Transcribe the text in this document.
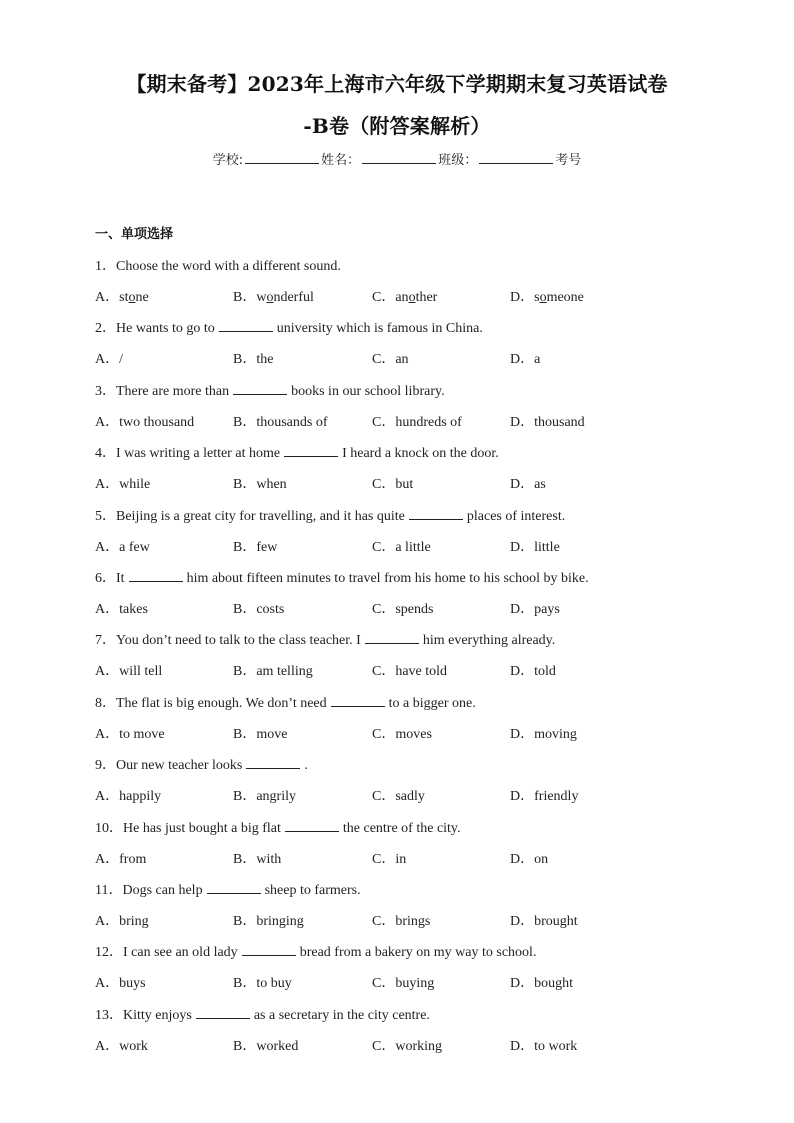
【期末备考】2023年上海市六年级下学期期末复习英语试卷
-B卷（附答案解析）
学校:	姓名：	班级：	考号
一、单项选择
1．Choose the word with a different sound.
A．stone	B．wonderful	C．another	D．someone
2．He wants to go to	university which is famous in China.
A．/	B．the	C．an	D．a
3．There are more than	books in our school library.
A．two thousand	B．thousands of	C．hundreds of	D．thousand
4．I was writing a letter at home	I heard a knock on the door.
A．while	B．when	C．but	D．as
5．Beijing is a great city for travelling, and it has quite	places of interest.
A．a few	B．few	C．a little	D．little
6．It	him about fifteen minutes to travel from his home to his school by bike.
A．takes	B．costs	C．spends	D．pays
7．You don’t need to talk to the class teacher. I	him everything already.
A．will tell	B．am telling	C．have told	D．told
8．The flat is big enough. We don’t need	to a bigger one.
A．to move	B．move	C．moves	D．moving
9．Our new teacher looks	.
A．happily	B．angrily	C．sadly	D．friendly
10．He has just bought a big flat	the centre of the city.
A．from	B．with	C．in	D．on
11．Dogs can help	sheep to farmers.
A．bring	B．bringing	C．brings	D．brought
12．I can see an old lady	bread from a bakery on my way to school.
A．buys	B．to buy	C．buying	D．bought
13．Kitty enjoys	as a secretary in the city centre.
A．work	B．worked	C．working	D．to work
